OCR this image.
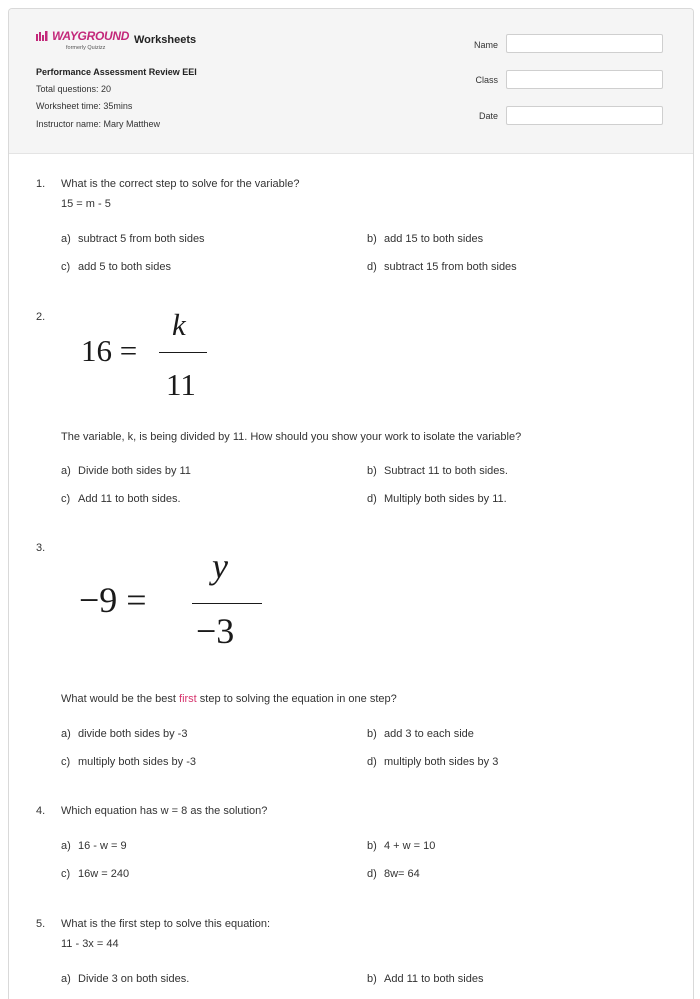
WAYGROUND
formerly Quizizz
Worksheets
Performance Assessment Review EEI
Total questions: 20
Worksheet time: 35mins
Instructor name: Mary Matthew
Name
Class
Date
1. What is the correct step to solve for the variable?
15 = m - 5
a) subtract 5 from both sides	b) add 15 to both sides
c) add 5 to both sides	d) subtract 15 from both sides
2.
16 =
k
11
The variable, k, is being divided by 11. How should you show your work to isolate the variable?
a) Divide both sides by 11	b) Subtract 11 to both sides.
c) Add 11 to both sides.	d) Multiply both sides by 11.
3.
−9 =
y
−3
What would be the best first step to solving the equation in one step?
a) divide both sides by -3	b) add 3 to each side
c) multiply both sides by -3	d) multiply both sides by 3
4. Which equation has w = 8 as the solution?
a) 16 - w = 9	b) 4 + w = 10
c) 16w = 240	d) 8w= 64
5. What is the first step to solve this equation:
11 - 3x = 44
a) Divide 3 on both sides.	b) Add 11 to both sides
